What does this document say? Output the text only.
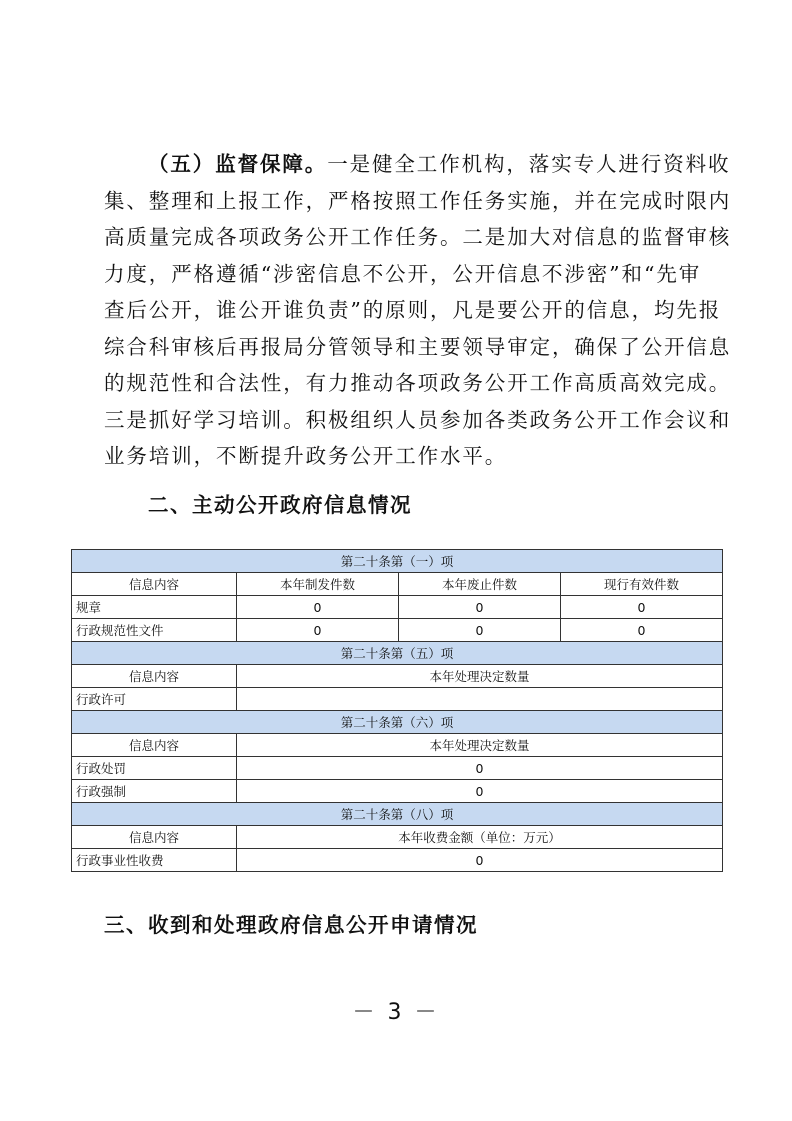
（五）监督保障。一是健全工作机构，落实专人进行资料收
集、整理和上报工作，严格按照工作任务实施，并在完成时限内
高质量完成各项政务公开工作任务。二是加大对信息的监督审核
力度，严格遵循“涉密信息不公开，公开信息不涉密”和“先审
查后公开，谁公开谁负责”的原则，凡是要公开的信息，均先报
综合科审核后再报局分管领导和主要领导审定，确保了公开信息
的规范性和合法性，有力推动各项政务公开工作高质高效完成。
三是抓好学习培训。积极组织人员参加各类政务公开工作会议和
业务培训，不断提升政务公开工作水平。
二、主动公开政府信息情况
第二十条第（一）项			
信息内容	本年制发件数	本年废止件数	现行有效件数
规章	0	0	0
行政规范性文件	0	0	0
第二十条第（五）项			
信息内容	本年处理决定数量		
行政许可			
第二十条第（六）项			
信息内容	本年处理决定数量		
行政处罚	0		
行政强制	0		
第二十条第（八）项			
信息内容	本年收费金额（单位：万元）		
行政事业性收费	0		
三、收到和处理政府信息公开申请情况
－ 3 －
